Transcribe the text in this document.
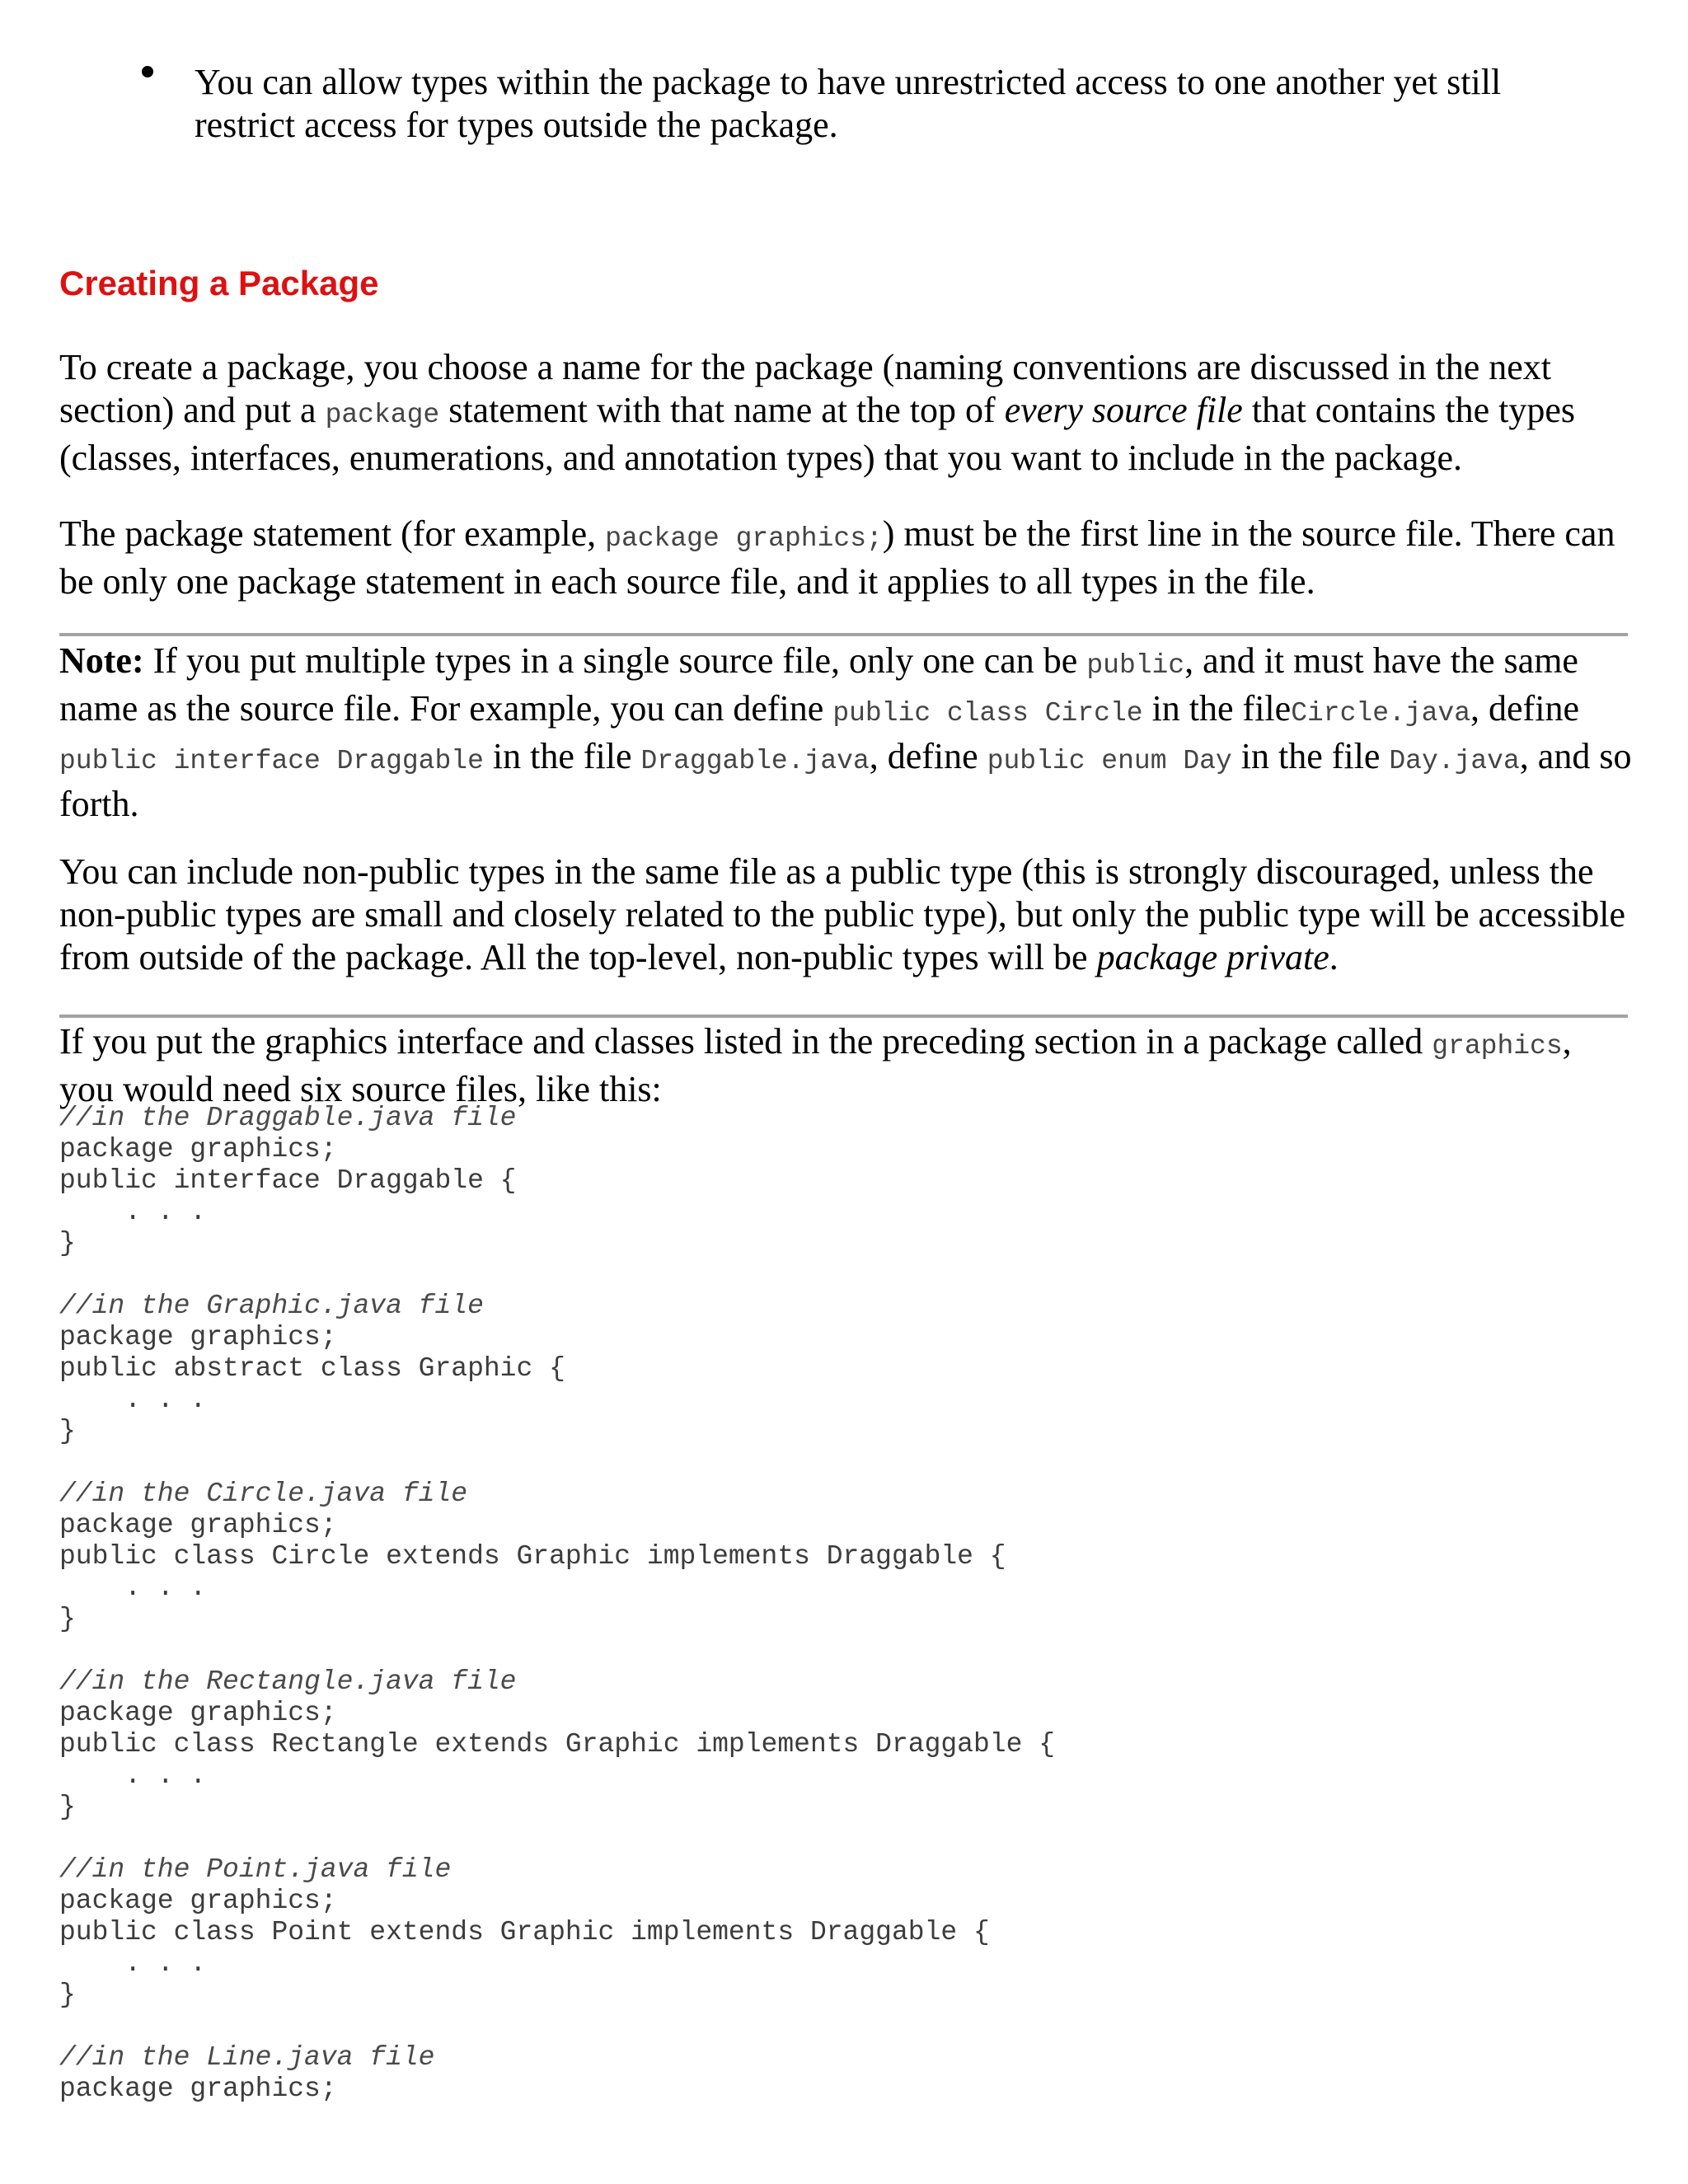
You can allow types within the package to have unrestricted access to one another yet still restrict access for types outside the package.

Creating a Package

To create a package, you choose a name for the package (naming conventions are discussed in the next section) and put a package statement with that name at the top of every source file that contains the types (classes, interfaces, enumerations, and annotation types) that you want to include in the package.

The package statement (for example, package graphics;) must be the first line in the source file. There can be only one package statement in each source file, and it applies to all types in the file.

Note: If you put multiple types in a single source file, only one can be public, and it must have the same name as the source file. For example, you can define public class Circle in the fileCircle.java, define public interface Draggable in the file Draggable.java, define public enum Day in the file Day.java, and so forth.

You can include non-public types in the same file as a public type (this is strongly discouraged, unless the non-public types are small and closely related to the public type), but only the public type will be accessible from outside of the package. All the top-level, non-public types will be package private.

If you put the graphics interface and classes listed in the preceding section in a package called graphics, you would need six source files, like this:

//in the Draggable.java file
package graphics;
public interface Draggable {
. . .
}

//in the Graphic.java file
package graphics;
public abstract class Graphic {
. . .
}

//in the Circle.java file
package graphics;
public class Circle extends Graphic implements Draggable {
. . .
}

//in the Rectangle.java file
package graphics;
public class Rectangle extends Graphic implements Draggable {
. . .
}

//in the Point.java file
package graphics;
public class Point extends Graphic implements Draggable {
. . .
}

//in the Line.java file
package graphics;
